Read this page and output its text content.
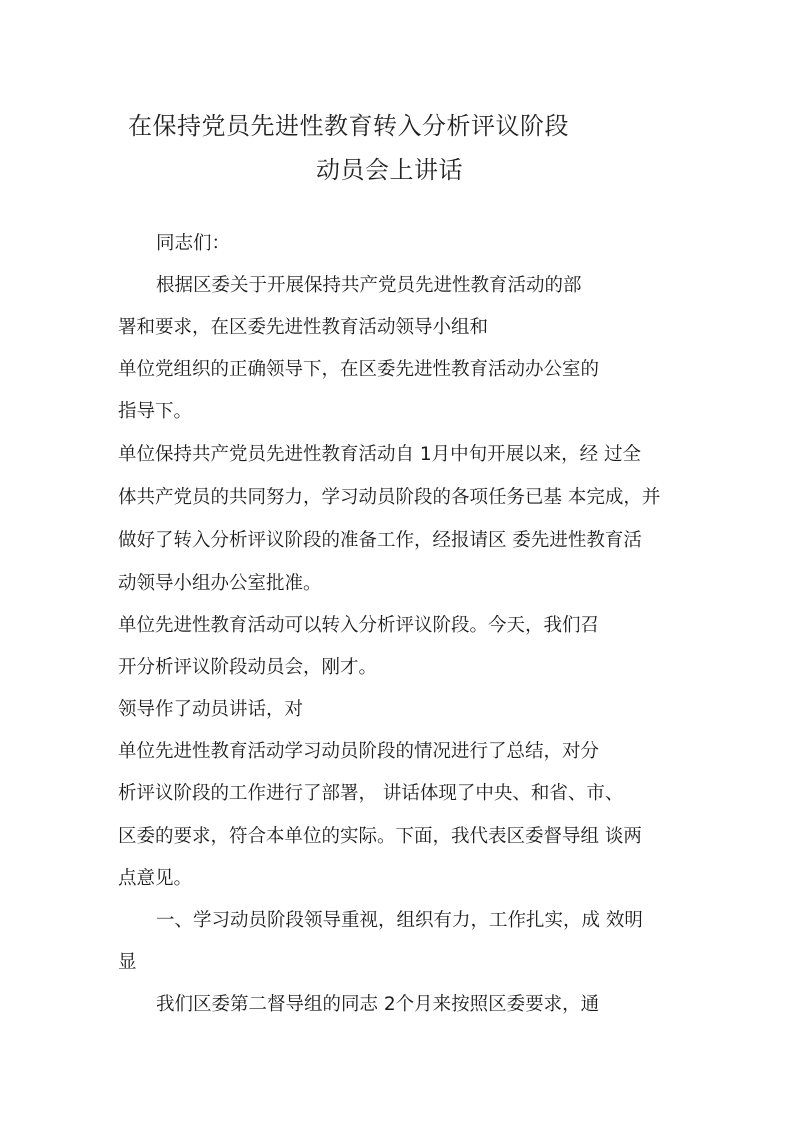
在保持党员先进性教育转入分析评议阶段
动员会上讲话
同志们：
根据区委关于开展保持共产党员先进性教育活动的部
署和要求，在区委先进性教育活动领导小组和
单位党组织的正确领导下，在区委先进性教育活动办公室的
指导下。
单位保持共产党员先进性教育活动自 1月中旬开展以来，经 过全
体共产党员的共同努力，学习动员阶段的各项任务已基 本完成，并
做好了转入分析评议阶段的准备工作，经报请区 委先进性教育活
动领导小组办公室批准。
单位先进性教育活动可以转入分析评议阶段。今天，我们召
开分析评议阶段动员会，刚才。
领导作了动员讲话，对
单位先进性教育活动学习动员阶段的情况进行了总结，对分
析评议阶段的工作进行了部署， 讲话体现了中央、和省、市、
区委的要求，符合本单位的实际。下面，我代表区委督导组 谈两
点意见。
一、学习动员阶段领导重视，组织有力，工作扎实，成 效明
显
我们区委第二督导组的同志 2个月来按照区委要求，通
